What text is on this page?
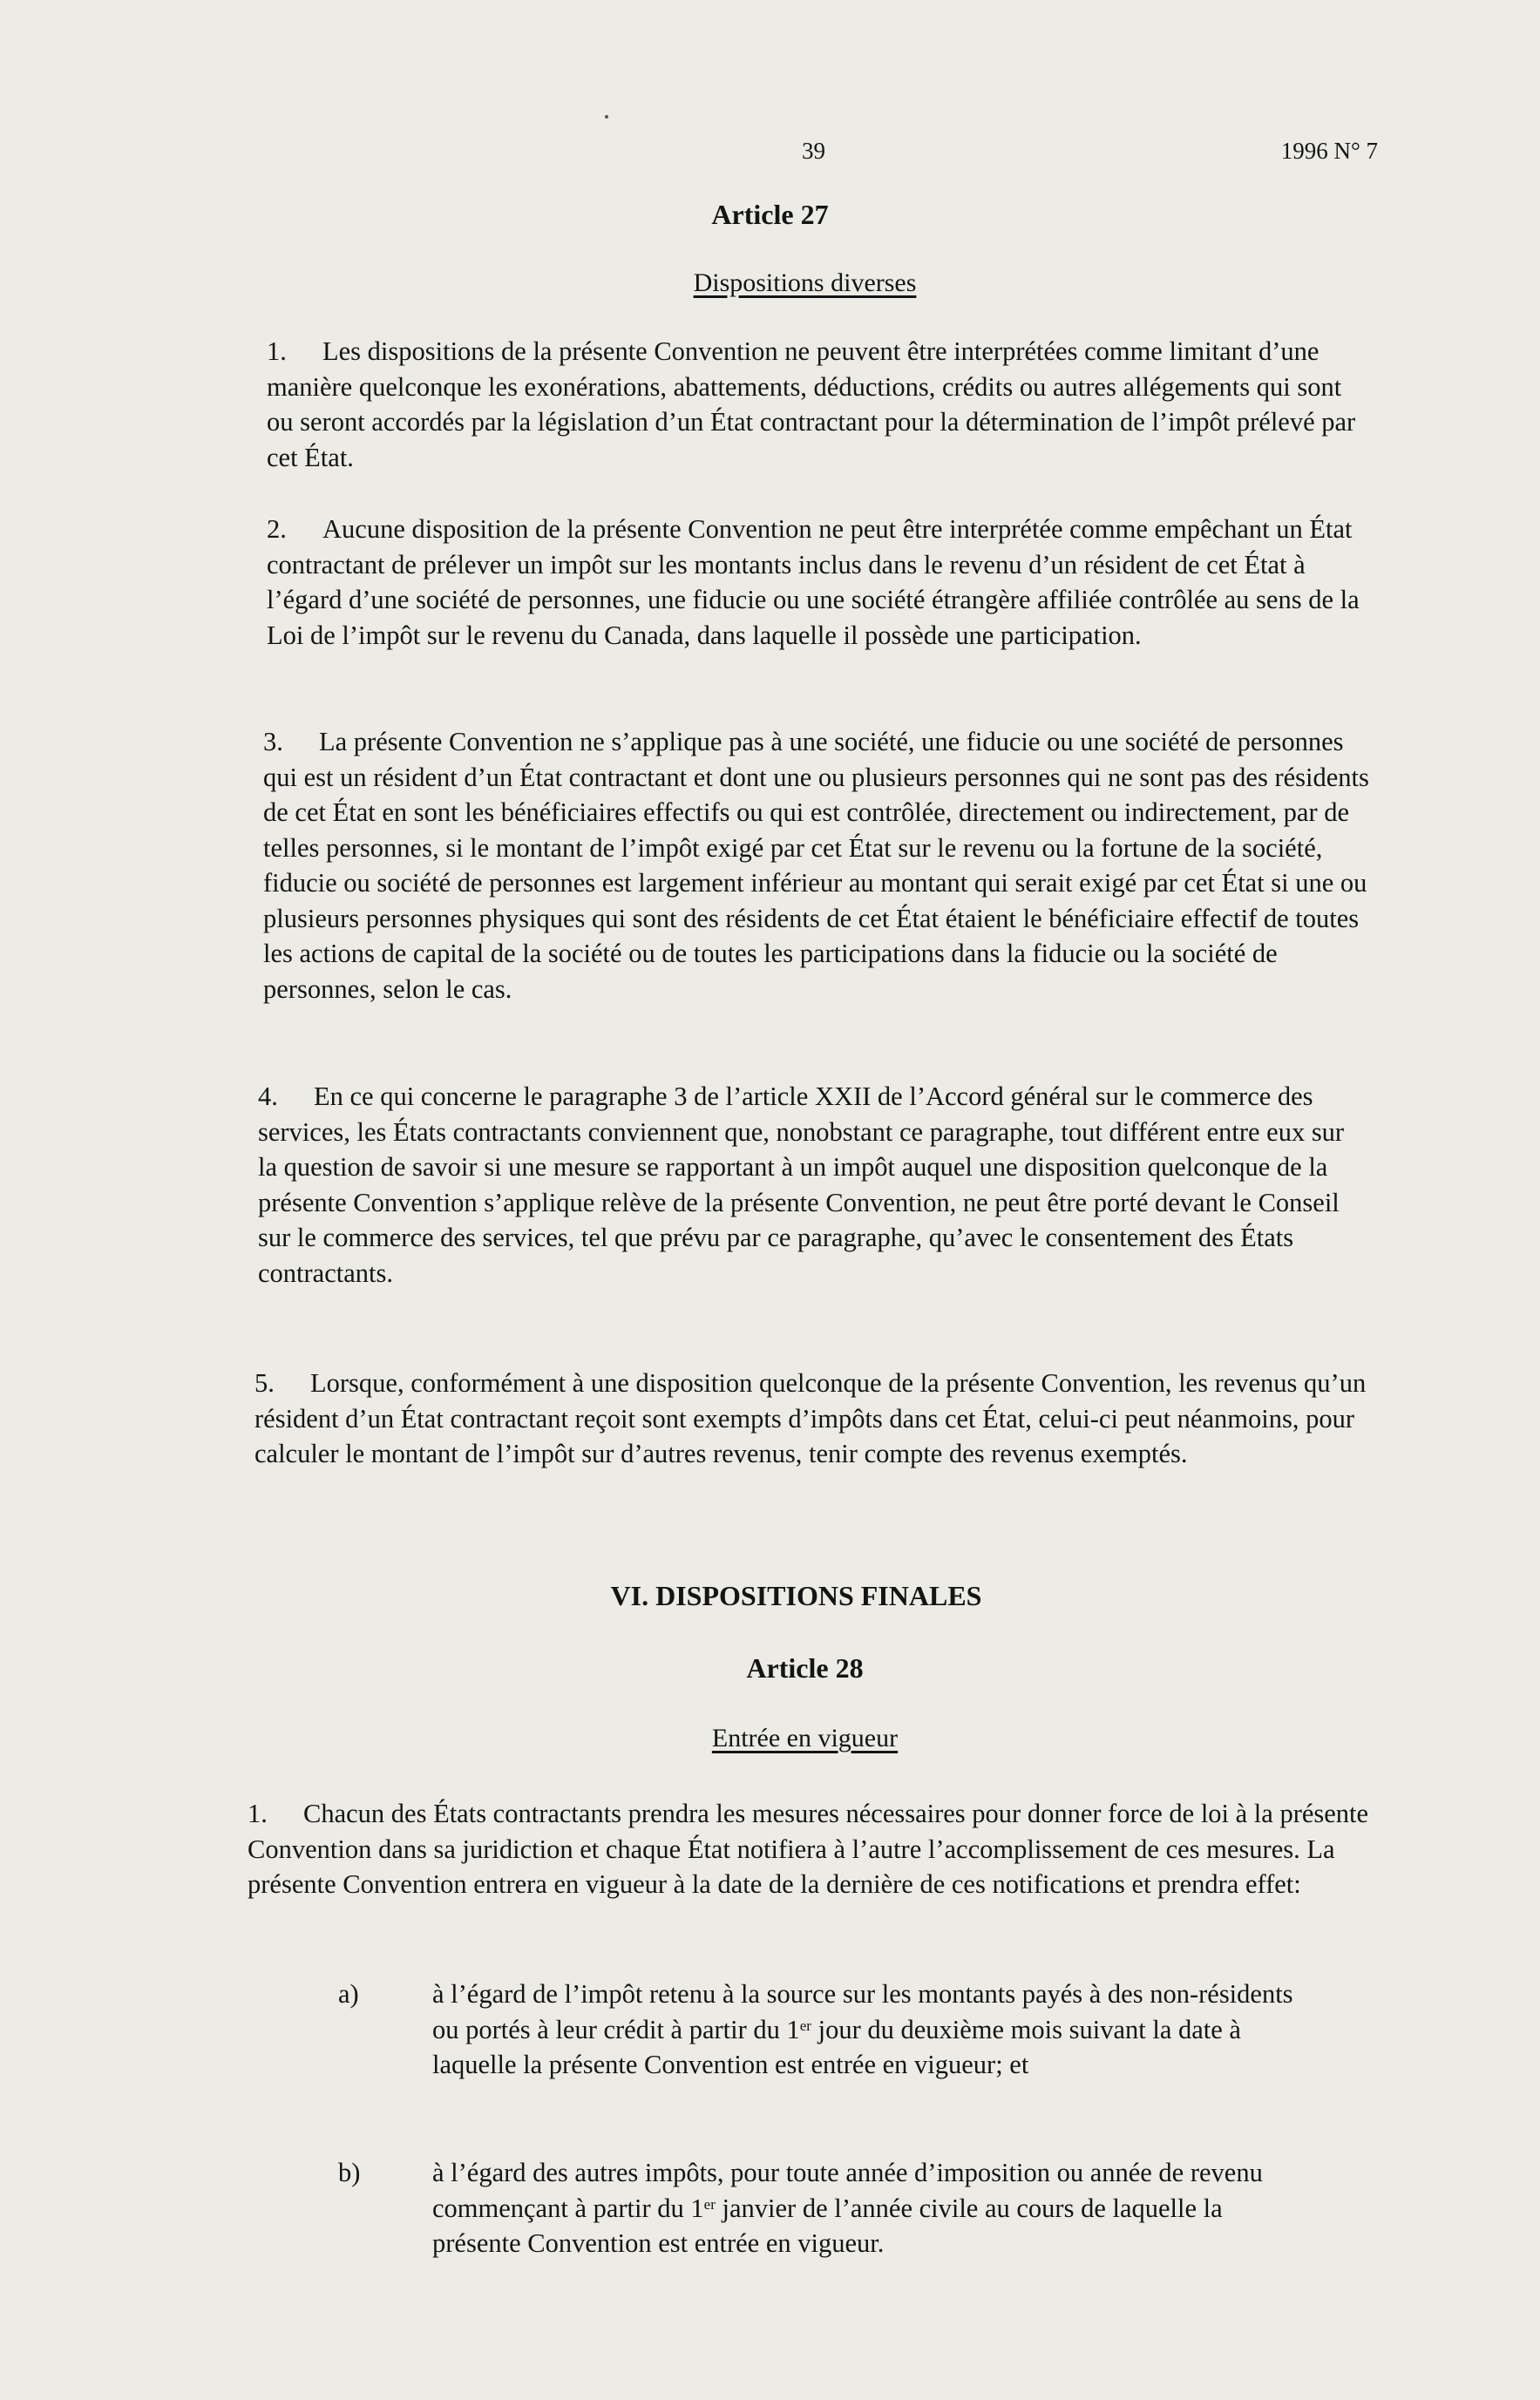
39	1996 N° 7
Article 27
Dispositions diverses
1. Les dispositions de la présente Convention ne peuvent être interprétées comme limitant d’une manière quelconque les exonérations, abattements, déductions, crédits ou autres allégements qui sont ou seront accordés par la législation d’un État contractant pour la détermination de l’impôt prélevé par cet État.
2. Aucune disposition de la présente Convention ne peut être interprétée comme empêchant un État contractant de prélever un impôt sur les montants inclus dans le revenu d’un résident de cet État à l’égard d’une société de personnes, une fiducie ou une société étrangère affiliée contrôlée au sens de la Loi de l’impôt sur le revenu du Canada, dans laquelle il possède une participation.
3. La présente Convention ne s’applique pas à une société, une fiducie ou une société de personnes qui est un résident d’un État contractant et dont une ou plusieurs personnes qui ne sont pas des résidents de cet État en sont les bénéficiaires effectifs ou qui est contrôlée, directement ou indirectement, par de telles personnes, si le montant de l’impôt exigé par cet État sur le revenu ou la fortune de la société, fiducie ou société de personnes est largement inférieur au montant qui serait exigé par cet État si une ou plusieurs personnes physiques qui sont des résidents de cet État étaient le bénéficiaire effectif de toutes les actions de capital de la société ou de toutes les participations dans la fiducie ou la société de personnes, selon le cas.
4. En ce qui concerne le paragraphe 3 de l’article XXII de l’Accord général sur le commerce des services, les États contractants conviennent que, nonobstant ce paragraphe, tout différent entre eux sur la question de savoir si une mesure se rapportant à un impôt auquel une disposition quelconque de la présente Convention s’applique relève de la présente Convention, ne peut être porté devant le Conseil sur le commerce des services, tel que prévu par ce paragraphe, qu’avec le consentement des États contractants.
5. Lorsque, conformément à une disposition quelconque de la présente Convention, les revenus qu’un résident d’un État contractant reçoit sont exempts d’impôts dans cet État, celui-ci peut néanmoins, pour calculer le montant de l’impôt sur d’autres revenus, tenir compte des revenus exemptés.
VI. DISPOSITIONS FINALES
Article 28
Entrée en vigueur
1. Chacun des États contractants prendra les mesures nécessaires pour donner force de loi à la présente Convention dans sa juridiction et chaque État notifiera à l’autre l’accomplissement de ces mesures. La présente Convention entrera en vigueur à la date de la dernière de ces notifications et prendra effet:
a)	à l’égard de l’impôt retenu à la source sur les montants payés à des non-résidents ou portés à leur crédit à partir du 1er jour du deuxième mois suivant la date à laquelle la présente Convention est entrée en vigueur; et
b)	à l’égard des autres impôts, pour toute année d’imposition ou année de revenu commençant à partir du 1er janvier de l’année civile au cours de laquelle la présente Convention est entrée en vigueur.
